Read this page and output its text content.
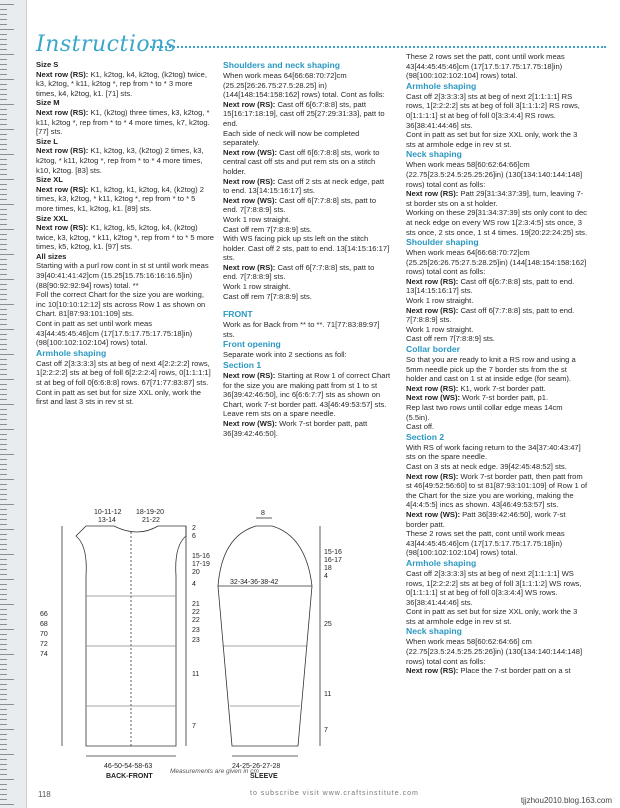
Instructions

Size S

Next row (RS): K1, k2tog, k4, k2tog, (k2tog) twice, k3, k2tog, * k11, k2tog *, rep from * to * 3 more times, k4, k2tog, k1. [71] sts.

Size M

Next row (RS): K1, (k2tog) three times, k3, k2tog, * k11, k2tog *, rep from * to * 4 more times, k7, k2tog. [77] sts.

Size L

Next row (RS): K1, k2tog, k3, (k2tog) 2 times, k3, k2tog, * k11, k2tog *, rep from * to * 4 more times, k10, k2tog. [83] sts.

Size XL

Next row (RS): K1, k2tog, k1, k2tog, k4, (k2tog) 2 times, k3, k2tog, * k11, k2tog *, rep from * to * 5 more times, k1, k2tog, k1. [89] sts.

Size XXL

Next row (RS): K1, k2tog, k5, k2tog, k4, (k2tog) twice, k3, k2tog, * k11, k2tog *, rep from * to * 5 more times, k5, k2tog, k1. [97] sts.

All sizes

Starting with a purl row cont in st st until work meas 39[40:41:41:42]cm (15.25[15.75:16:16:16.5]in) (88[90:92:92:94] rows) total. **

Foll the correct Chart for the size you are working, inc 10[10:10:12:12] sts across Row 1 as shown on Chart. 81[87:93:101:109] sts.

Cont in patt as set until work meas 43[44:45:45:46]cm (17[17.5:17.75:17.75:18]in) (98[100:102:102:104] rows) total.

Armhole shaping

Cast off 2[3:3:3:3] sts at beg of next 4[2:2:2:2] rows, 1[2:2:2:2] sts at beg of foll 6[2:2:2:4] rows, 0[1:1:1:1] st at beg of foll 0[6:6:8:8] rows. 67[71:77:83:87] sts.

Cont in patt as set but for size XXL only, work the first and last 3 sts in rev st st.

Shoulders and neck shaping

When work meas 64[66:68:70:72]cm (25.25[26:26.75:27.5:28.25] in) (144[148:154:158:162] rows) total. Cont as folls:

Next row (RS): Cast off 6[6:7:8:8] sts, patt 15[16:17:18:19], cast off 25[27:29:31:33], patt to end.

Each side of neck will now be completed separately.

Next row (WS): Cast off 6[6:7:8:8] sts, work to central cast off sts and put rem sts on a stitch holder.

Next row (RS): Cast off 2 sts at neck edge, patt to end. 13[14:15:16:17] sts.

Next row (WS): Cast off 6[7:7:8:8] sts, patt to end. 7[7:8:8:9] sts.

Work 1 row straight.

Cast off rem 7[7:8:8:9] sts.

With WS facing pick up sts left on the stitch holder. Cast off 2 sts, patt to end. 13[14:15:16:17] sts.

Next row (RS): Cast off 6[7:7:8:8] sts, patt to end. 7[7:8:8:9] sts.

Work 1 row straight.

Cast off rem 7[7:8:8:9] sts.

FRONT

Work as for Back from ** to **. 71[77:83:89:97] sts.

Front opening

Separate work into 2 sections as foll:

Section 1

Next row (RS): Starting at Row 1 of correct Chart for the size you are making patt from st 1 to st 36[39:42:46:50], inc 6[6:6:7:7] sts as shown on Chart, work 7-st border patt. 43[46:49:53:57] sts. Leave rem sts on a spare needle.

Next row (WS): Work 7-st border patt, patt 36[39:42:46:50].

These 2 rows set the patt, cont until work meas 43[44:45:45:46]cm (17[17.5:17.75:17.75:18]in) (98[100:102:102:104] rows) total.

Armhole shaping

Cast off 2[3:3:3:3] sts at beg of next 2[1:1:1:1] RS rows, 1[2:2:2:2] sts at beg of foll 3[1:1:1:2] RS rows, 0[1:1:1:1] st at beg of foll 0[3:3:4:4] RS rows. 36[38:41:44:46] sts.

Cont in patt as set but for size XXL only, work the 3 sts at armhole edge in rev st st.

Neck shaping

When work meas 58[60:62:64:66]cm (22.75[23.5:24.5:25.25:26]in) (130[134:140:144:148] rows) total cont as folls:

Next row (RS): Patt 29[31:34:37:39], turn, leaving 7-st border sts on a st holder.

Working on these 29[31:34:37:39] sts only cont to dec at neck edge on every WS row 1[2:3:4:5] sts once, 3 sts once, 2 sts once, 1 st 4 times. 19[20:22:24:25] sts.

Shoulder shaping

When work meas 64[66:68:70:72]cm (25.25[26:26.75:27.5:28.25]in) (144[148:154:158:162] rows) total cont as folls:

Next row (RS): Cast off 6[6:7:8:8] sts, patt to end. 13[14:15:16:17] sts.

Work 1 row straight.

Next row (RS): Cast off 6[7:7:8:8] sts, patt to end. 7[7:8:8:9] sts.

Work 1 row straight.

Cast off rem 7[7:8:8:9] sts.

Collar border

So that you are ready to knit a RS row and using a 5mm needle pick up the 7 border sts from the st holder and cast on 1 st at inside edge (for seam).

Next row (RS): K1, work 7-st border patt.

Next row (WS): Work 7-st border patt, p1.

Rep last two rows until collar edge meas 14cm (5.5in).

Cast off.

Section 2

With RS of work facing return to the 34[37:40:43:47] sts on the spare needle.

Cast on 3 sts at neck edge. 39[42:45:48:52] sts.

Next row (RS): Work 7-st border patt, then patt from st 46[49:52:56:60] to st 81[87:93:101:109] of Row 1 of the Chart for the size you are working, making the 4[4:4:5:5] incs as shown. 43[46:49:53:57] sts.

Next row (WS): Patt 36[39:42:46:50], work 7-st border patt.

These 2 rows set the patt, cont until work meas 43[44:45:45:46]cm (17[17.5:17.75:17.75:18]in) (98[100:102:102:104] rows) total.

Armhole shaping

Cast off 2[3:3:3:3] sts at beg of next 2[1:1:1:1] WS rows, 1[2:2:2:2] sts at beg of foll 3[1:1:1:2] WS rows, 0[1:1:1:1] st at beg of foll 0[3:3:4:4] WS rows. 36[38:41:44:46] sts.

Cont in patt as set but for size XXL only, work the 3 sts at armhole edge in rev st st.

Neck shaping

When work meas 58[60:62:64:66] cm (22.75[23.5:24.5:25.25:26]in) (130[134:140:144:148] rows) total cont as folls:

Next row (RS): Place the 7-st border patt on a st

10-11-12
13-14
18-19-20
21-22
2
6
15-16
17-19
20
4
21
22
22
23
23
11
7
66
68
70
72
74
46-50-54-58-63
BACK-FRONT
8
32-34-36-38-42
15-16
16-17
18
4
25
11
7
24-25-26-27-28
SLEEVE
Measurements are given in cm
118	to subscribe visit www.craftsinstitute.com
tjjzhou2010.blog.163.com
